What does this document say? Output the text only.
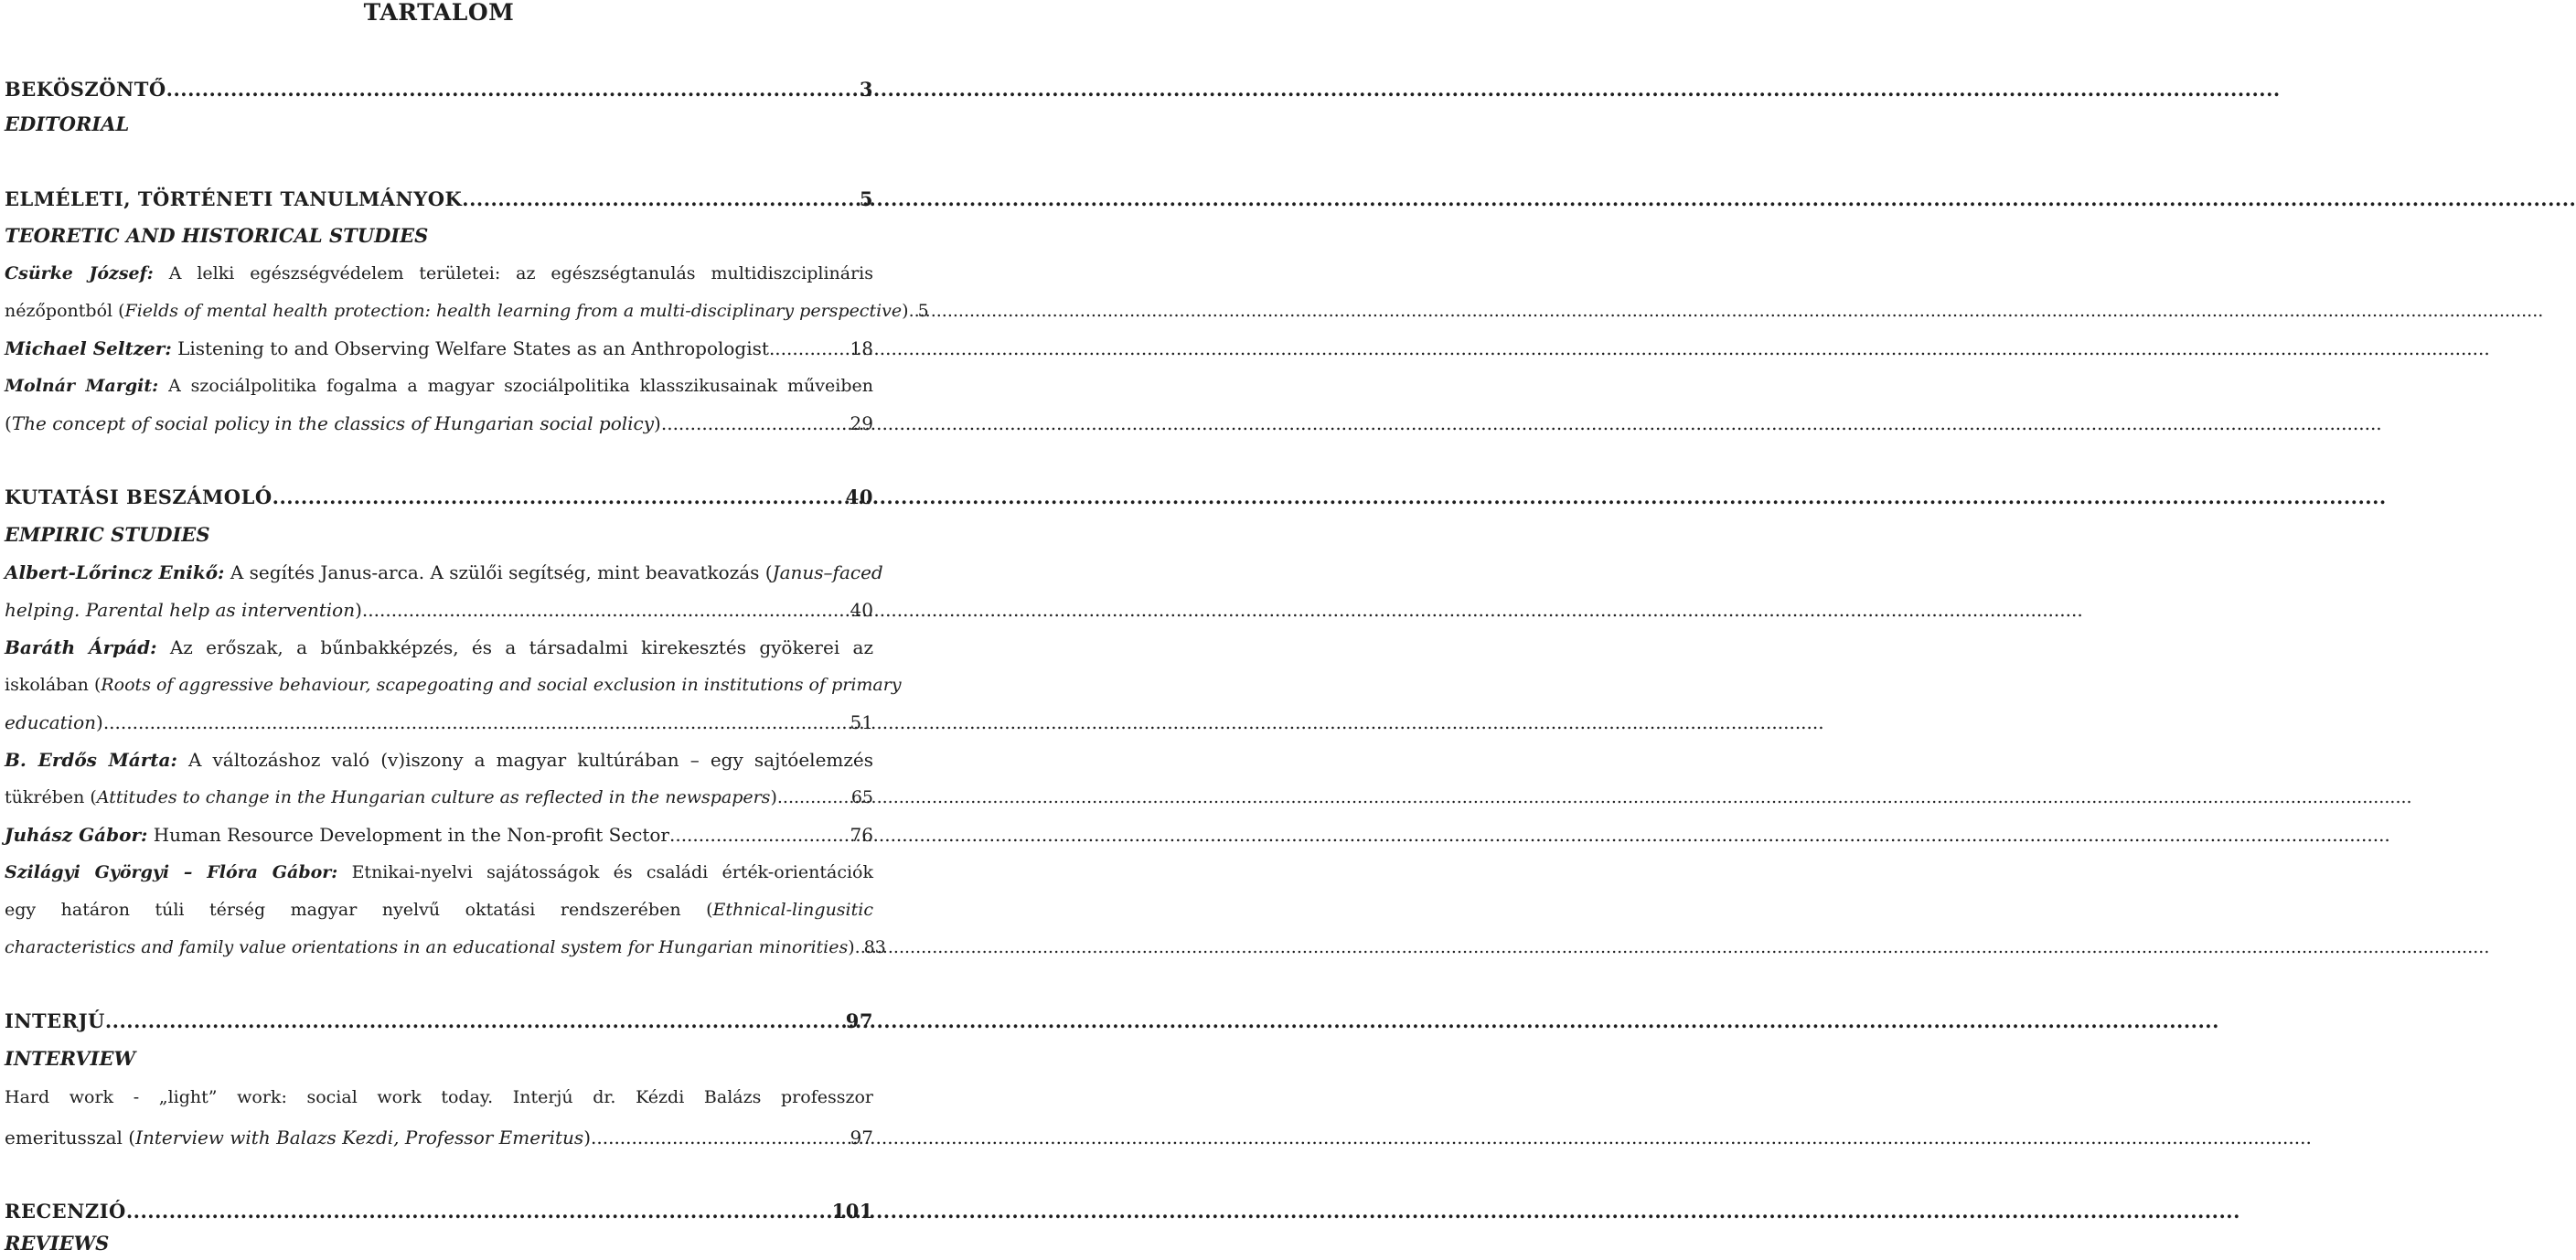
TARTALOM
BEKÖSZÖNTŐ .....	3
EDITORIAL
ELMÉLETI, TÖRTÉNETI TANULMÁNYOK .....	5
TEORETIC AND HISTORICAL STUDIES
Csürke József: A lelki egészségvédelem területei: az egészségtanulás multidiszciplináris
nézőpontból (Fields of mental health protection: health learning from a multi-disciplinary perspective) ..... 5
Michael Seltzer: Listening to and Observing Welfare States as an Anthropologist .....	18
Molnár Margit: A szociálpolitika fogalma a magyar szociálpolitika klasszikusainak műveiben
(The concept of social policy in the classics of Hungarian social policy) .....	29
KUTATÁSI BESZÁMOLÓ .....	40
EMPIRIC STUDIES
Albert-Lőrincz Enikő: A segítés Janus-arca. A szülői segítség, mint beavatkozás (Janus–faced
helping. Parental help as intervention) .....	40
Baráth Árpád: Az erőszak, a bűnbakképzés, és a társadalmi kirekesztés gyökerei az
iskolában (Roots of aggressive behaviour, scapegoating and social exclusion in institutions of primary
education) .....	51
B. Erdős Márta: A változáshoz való (v)iszony a magyar kultúrában – egy sajtóelemzés
tükrében (Attitudes to change in the Hungarian culture as reflected in the newspapers) .....	65
Juhász Gábor: Human Resource Development in the Non-profit Sector .....	76
Szilágyi Györgyi – Flóra Gábor: Etnikai-nyelvi sajátosságok és családi érték-orientációk
egy határon túli térség magyar nyelvű oktatási rendszerében (Ethnical-lingusitic
characteristics and family value orientations in an educational system for Hungarian minorities) ..... 83
INTERJÚ .....	97
INTERVIEW
Hard work - „light” work: social work today. Interjú dr. Kézdi Balázs professzor
emeritusszal (Interview with Balazs Kezdi, Professor Emeritus) .....	97
RECENZIÓ .....	101
REVIEWS
